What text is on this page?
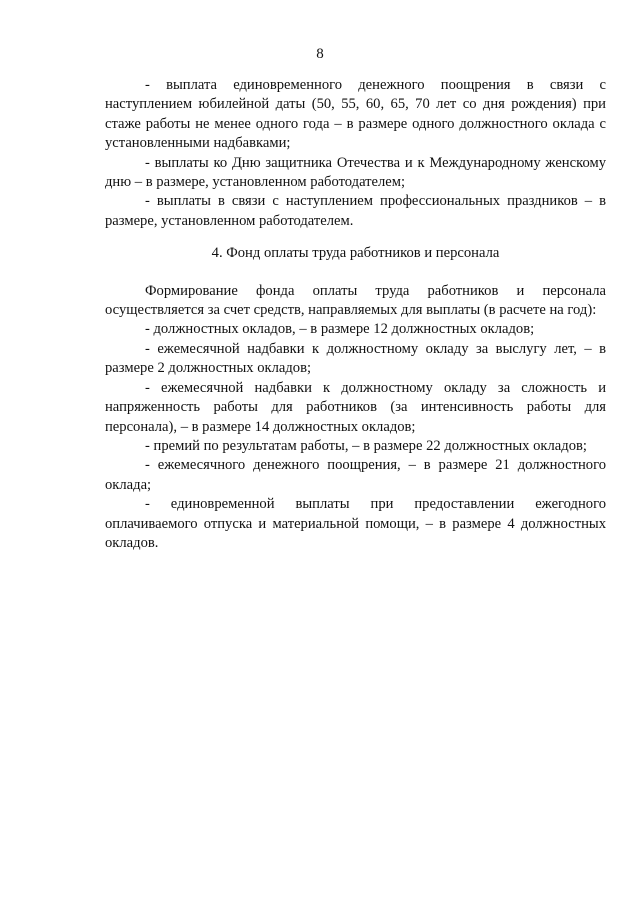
8

- выплата единовременного денежного поощрения в связи с наступлением юбилейной даты (50, 55, 60, 65, 70 лет со дня рождения) при стаже работы не менее одного года – в размере одного должностного оклада с установленными надбавками;

- выплаты ко Дню защитника Отечества и к Международному женскому дню – в размере, установленном работодателем;

- выплаты в связи с наступлением профессиональных праздников – в размере, установленном работодателем.

4. Фонд оплаты труда работников и персонала

Формирование фонда оплаты труда работников и персонала осуществляется за счет средств, направляемых для выплаты (в расчете на год):

- должностных окладов, – в размере 12 должностных окладов;

- ежемесячной надбавки к должностному окладу за выслугу лет, – в размере 2 должностных окладов;

- ежемесячной надбавки к должностному окладу за сложность и напряженность работы для работников (за интенсивность работы для персонала), – в размере 14 должностных окладов;

- премий по результатам работы, – в размере 22 должностных окладов;

- ежемесячного денежного поощрения, – в размере 21 должностного оклада;

- единовременной выплаты при предоставлении ежегодного оплачиваемого отпуска и материальной помощи, – в размере 4 должностных окладов.
